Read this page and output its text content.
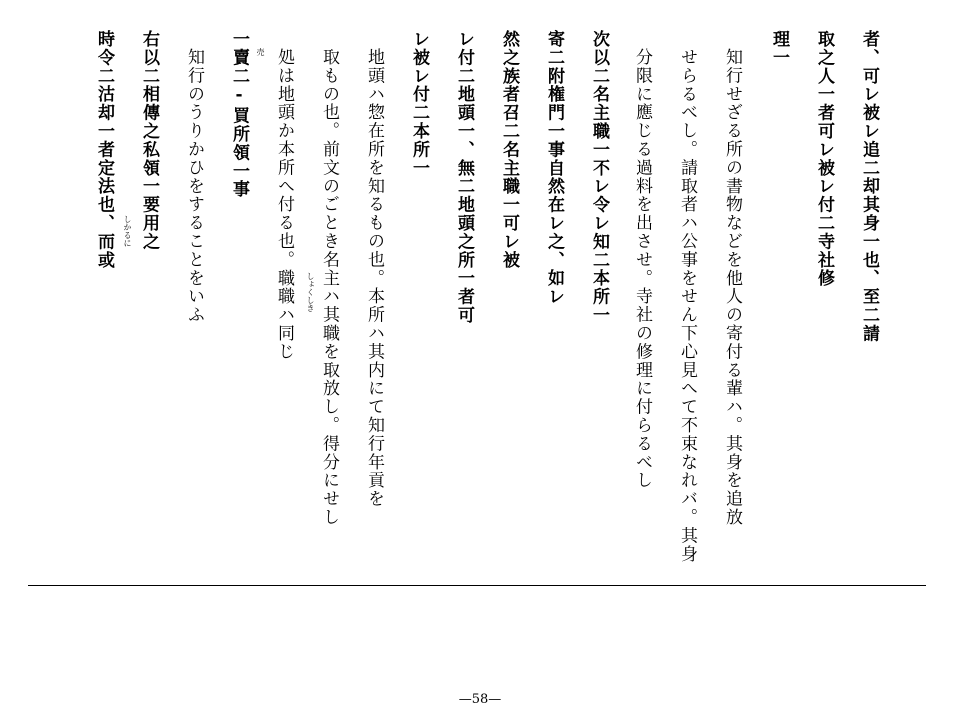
者、可レ被レ追二却其身一也、至二請
取之人一者可レ被レ付二寺社修
理一
知行せざる所の書物などを他人の寄付る輩ハ。其身を追放
せらるべし。請取者ハ公事をせん下心見へて不束なれバ。其身
分限に應じる過料を出させ。寺社の修理に付らるべし
次以二名主職一不レ令レ知二本所一
寄二附権門一事自然在レ之、如レ
然之族者召二名主職一可レ被
レ付二地頭一、無二地頭之所一者可
レ被レ付二本所一
地頭ハ惣在所を知るもの也。本所ハ其内にて知行年貢を
取もの也。前文のごとき名主ハ其職を取放し。得分にせし
しょくしき
処は地頭か本所へ付る也。職職ハ同じ
売
一賣二‐買所領一事
知行のうりかひをすることをいふ
右以二相傳之私領一要用之
しかるに
時令二沽却一者定法也、而或
—58—
